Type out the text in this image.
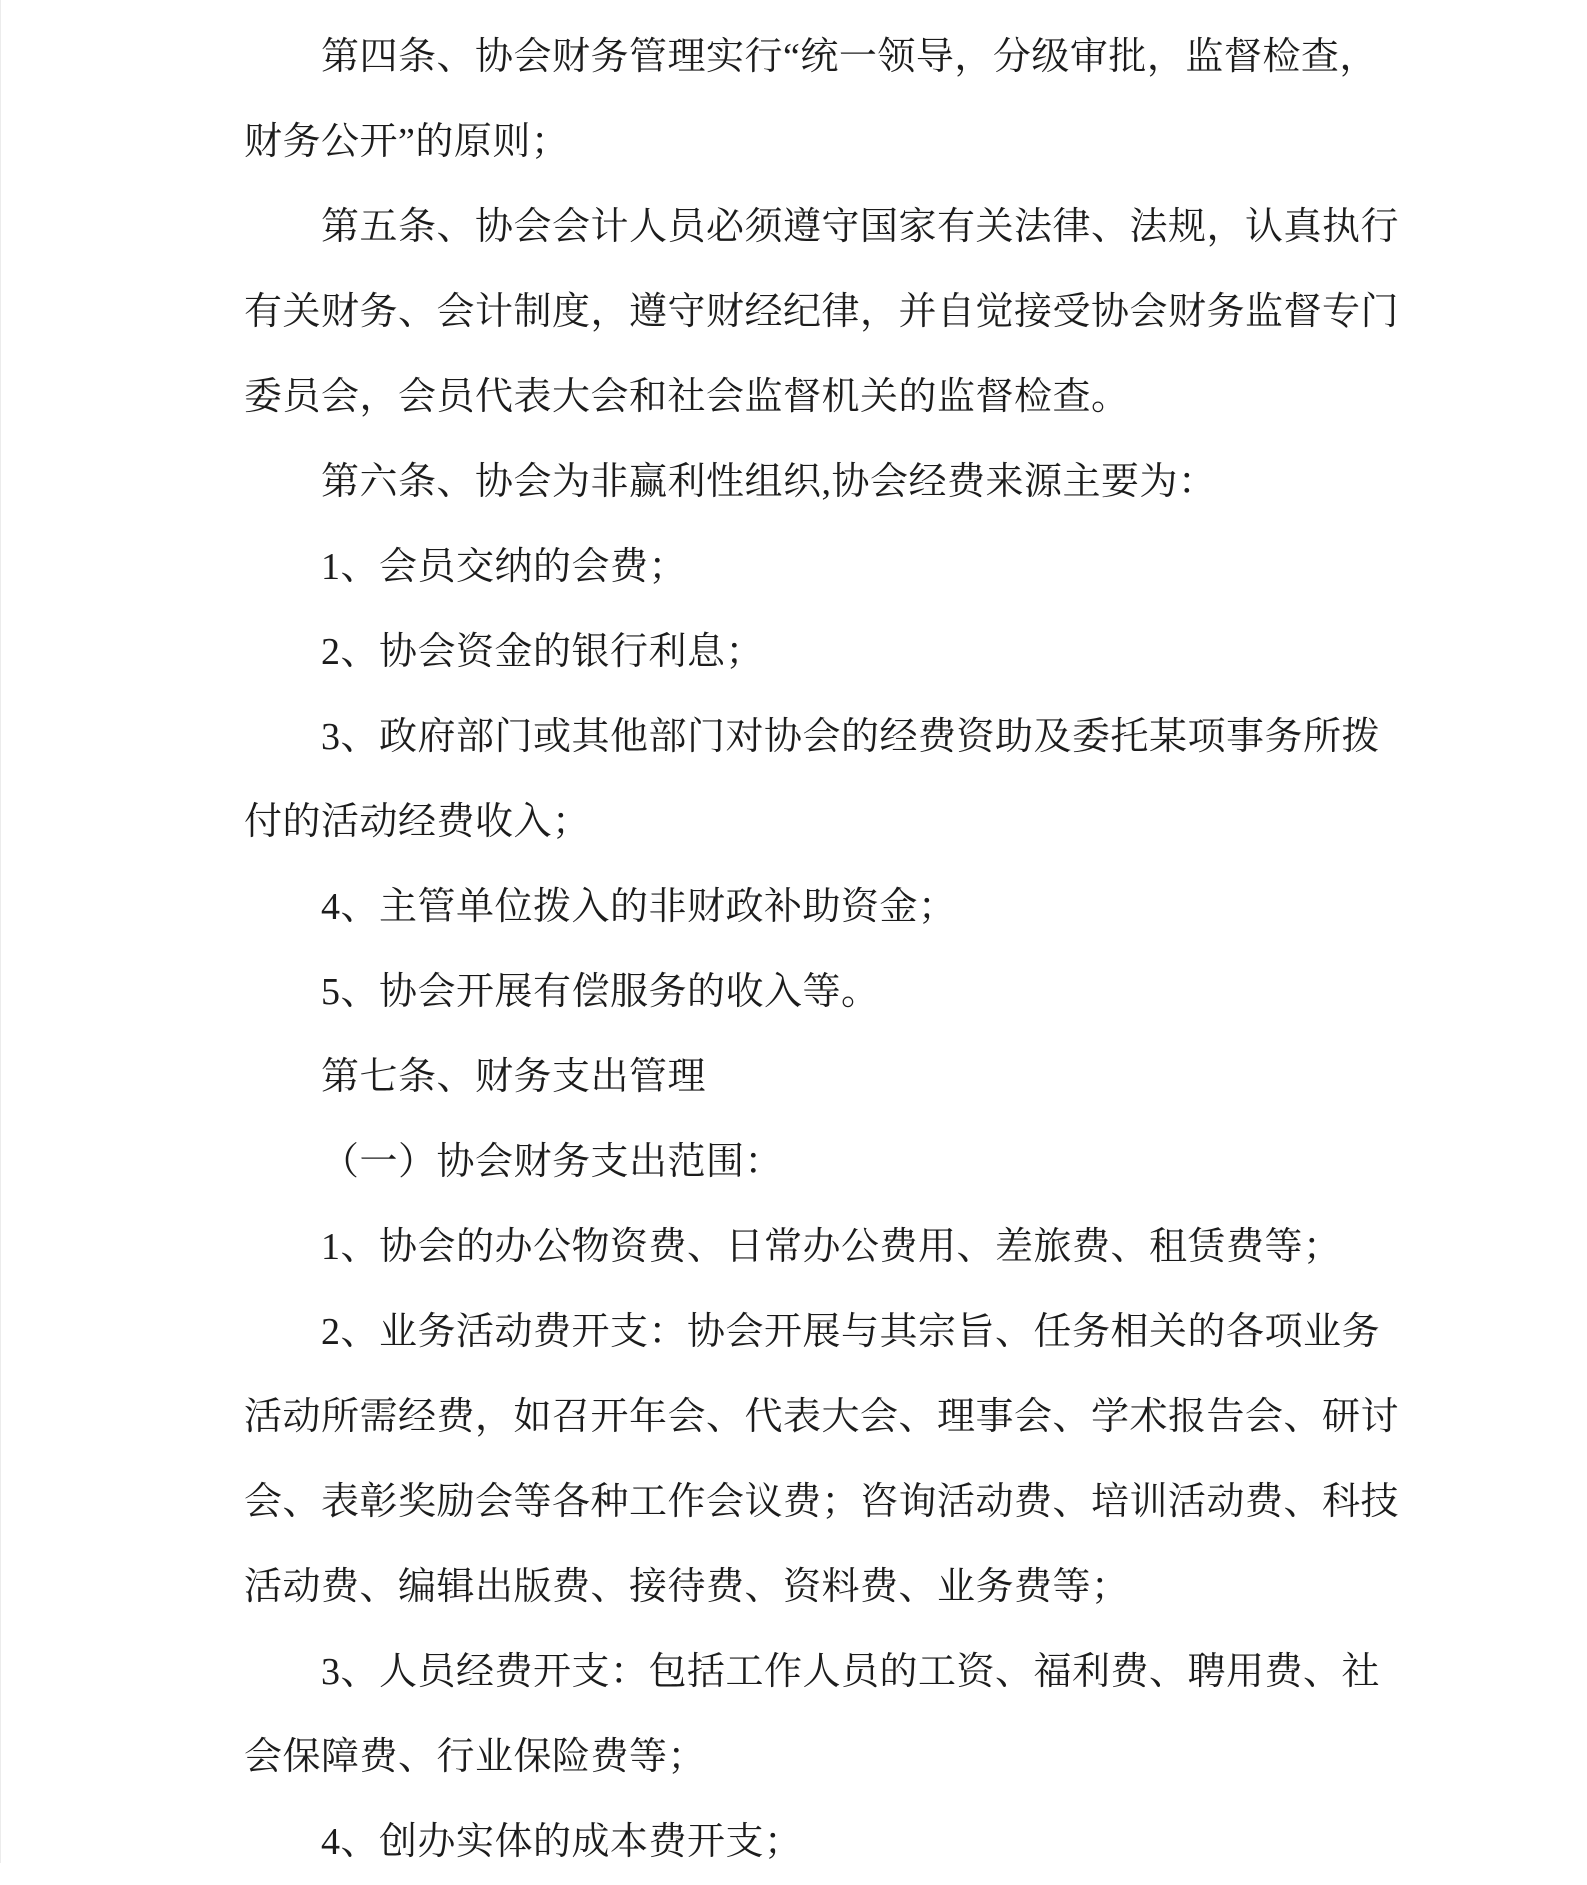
第四条、协会财务管理实行“统一领导，分级审批，监督检查，
财务公开”的原则；
第五条、协会会计人员必须遵守国家有关法律、法规，认真执行
有关财务、会计制度，遵守财经纪律，并自觉接受协会财务监督专门
委员会，会员代表大会和社会监督机关的监督检查。
第六条、协会为非赢利性组织,协会经费来源主要为：
1、会员交纳的会费；
2、协会资金的银行利息；
3、政府部门或其他部门对协会的经费资助及委托某项事务所拨
付的活动经费收入；
4、主管单位拨入的非财政补助资金；
5、协会开展有偿服务的收入等。
第七条、财务支出管理
（一）协会财务支出范围：
1、协会的办公物资费、日常办公费用、差旅费、租赁费等；
2、业务活动费开支：协会开展与其宗旨、任务相关的各项业务
活动所需经费，如召开年会、代表大会、理事会、学术报告会、研讨
会、表彰奖励会等各种工作会议费；咨询活动费、培训活动费、科技
活动费、编辑出版费、接待费、资料费、业务费等；
3、人员经费开支：包括工作人员的工资、福利费、聘用费、社
会保障费、行业保险费等；
4、创办实体的成本费开支；
